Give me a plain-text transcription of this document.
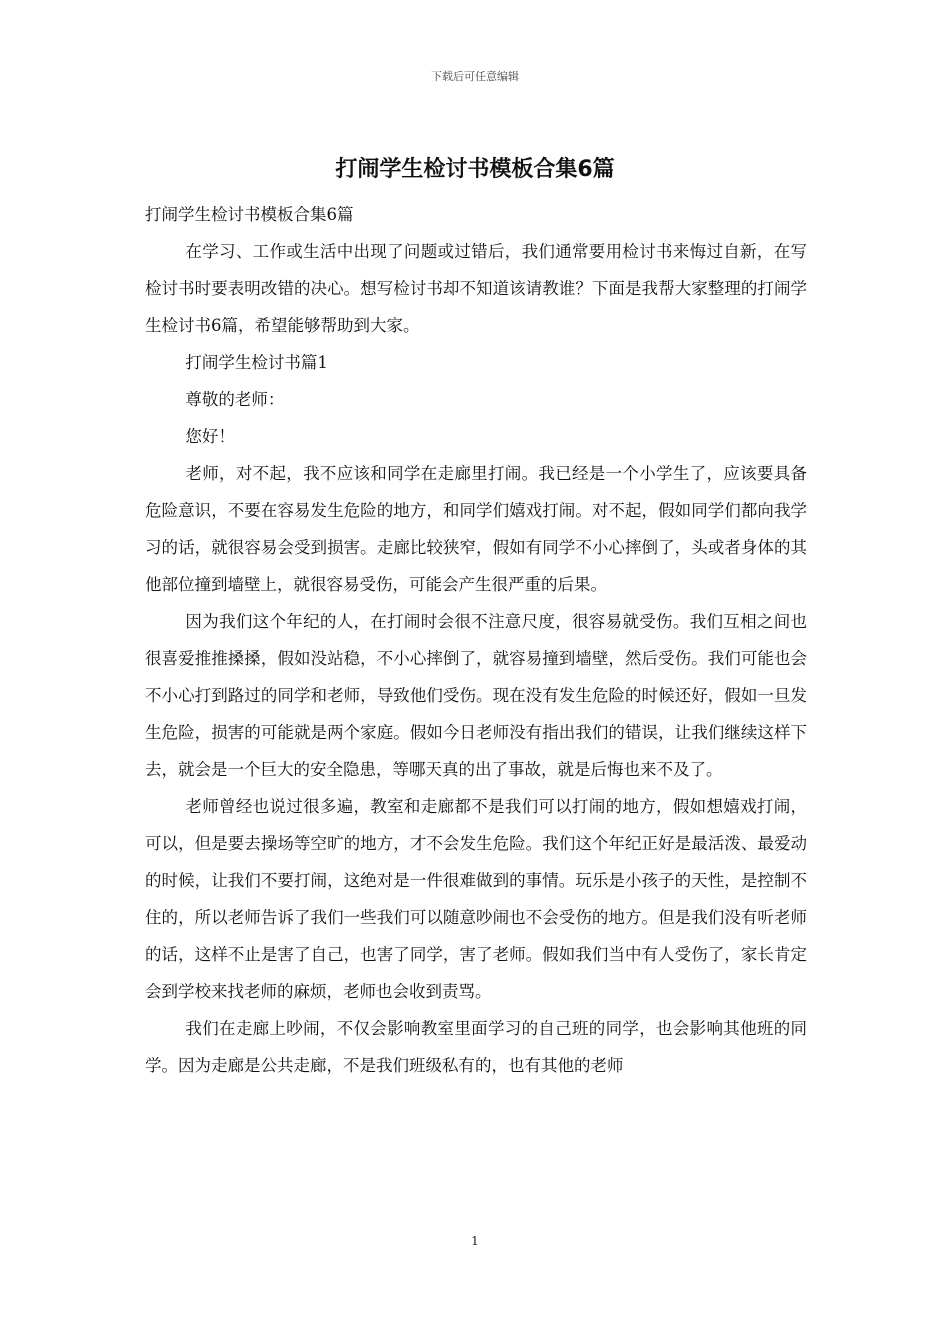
下载后可任意编辑
打闹学生检讨书模板合集6篇

打闹学生检讨书模板合集6篇

在学习、工作或生活中出现了问题或过错后，我们通常要用检讨书来悔过自新，在写检讨书时要表明改错的决心。想写检讨书却不知道该请教谁？下面是我帮大家整理的打闹学生检讨书6篇，希望能够帮助到大家。

打闹学生检讨书篇1

尊敬的老师：

您好！

老师，对不起，我不应该和同学在走廊里打闹。我已经是一个小学生了，应该要具备危险意识，不要在容易发生危险的地方，和同学们嬉戏打闹。对不起，假如同学们都向我学习的话，就很容易会受到损害。走廊比较狭窄，假如有同学不小心摔倒了，头或者身体的其他部位撞到墙壁上，就很容易受伤，可能会产生很严重的后果。

因为我们这个年纪的人，在打闹时会很不注意尺度，很容易就受伤。我们互相之间也很喜爱推推搡搡，假如没站稳，不小心摔倒了，就容易撞到墙壁，然后受伤。我们可能也会不小心打到路过的同学和老师，导致他们受伤。现在没有发生危险的时候还好，假如一旦发生危险，损害的可能就是两个家庭。假如今日老师没有指出我们的错误，让我们继续这样下去，就会是一个巨大的安全隐患，等哪天真的出了事故，就是后悔也来不及了。

老师曾经也说过很多遍，教室和走廊都不是我们可以打闹的地方，假如想嬉戏打闹，可以，但是要去操场等空旷的地方，才不会发生危险。我们这个年纪正好是最活泼、最爱动的时候，让我们不要打闹，这绝对是一件很难做到的事情。玩乐是小孩子的天性，是控制不住的，所以老师告诉了我们一些我们可以随意吵闹也不会受伤的地方。但是我们没有听老师的话，这样不止是害了自己，也害了同学，害了老师。假如我们当中有人受伤了，家长肯定会到学校来找老师的麻烦，老师也会收到责骂。

我们在走廊上吵闹，不仅会影响教室里面学习的自己班的同学，也会影响其他班的同学。因为走廊是公共走廊，不是我们班级私有的，也有其他的老师

1
